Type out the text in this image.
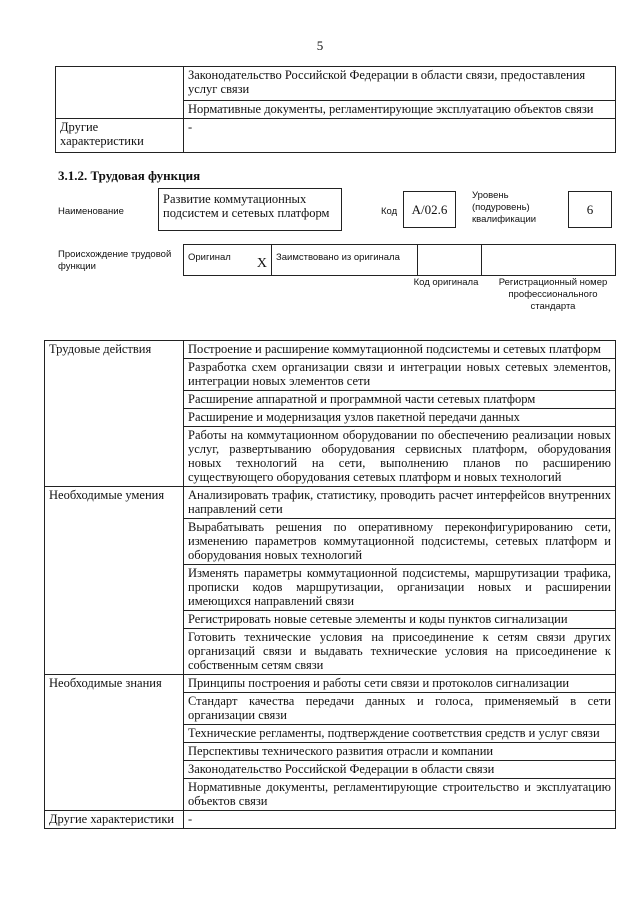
5
	Законодательство Российской Федерации в области связи, предоставления услуг связи
	Нормативные документы, регламентирующие эксплуатацию объектов связи
Другие характеристики	-
3.1.2. Трудовая функция
Наименование
Развитие коммутационных подсистем и сетевых платформ	Код	А/02.6
Уровень (подуровень) квалификации
6
Происхождение трудовой функции
Оригинал X	Заимствовано из оригинала

Код оригинала	Регистрационный номер профессионального стандарта
Трудовые действия	Построение и расширение коммутационной подсистемы и сетевых платформ
	Разработка схем организации связи и интеграции новых сетевых элементов, интеграции новых элементов сети
	Расширение аппаратной и программной части сетевых платформ
	Расширение и модернизация узлов пакетной передачи данных
	Работы на коммутационном оборудовании по обеспечению реализации новых услуг, развертыванию оборудования сервисных платформ, оборудования новых технологий на сети, выполнению планов по расширению существующего оборудования сетевых платформ и новых технологий
Необходимые умения	Анализировать трафик, статистику, проводить расчет интерфейсов внутренних направлений сети
	Вырабатывать решения по оперативному переконфигурированию сети, изменению параметров коммутационной подсистемы, сетевых платформ и оборудования новых технологий
	Изменять параметры коммутационной подсистемы, маршрутизации трафика, прописки кодов маршрутизации, организации новых и расширении имеющихся направлений связи
	Регистрировать новые сетевые элементы и коды пунктов сигнализации
	Готовить технические условия на присоединение к сетям связи других организаций связи и выдавать технические условия на присоединение к собственным сетям связи
Необходимые знания	Принципы построения и работы сети связи и протоколов сигнализации
	Стандарт качества передачи данных и голоса, применяемый в сети организации связи
	Технические регламенты, подтверждение соответствия средств и услуг связи
	Перспективы технического развития отрасли и компании
	Законодательство Российской Федерации в области связи
	Нормативные документы, регламентирующие строительство и эксплуатацию объектов связи
Другие характеристики	-
